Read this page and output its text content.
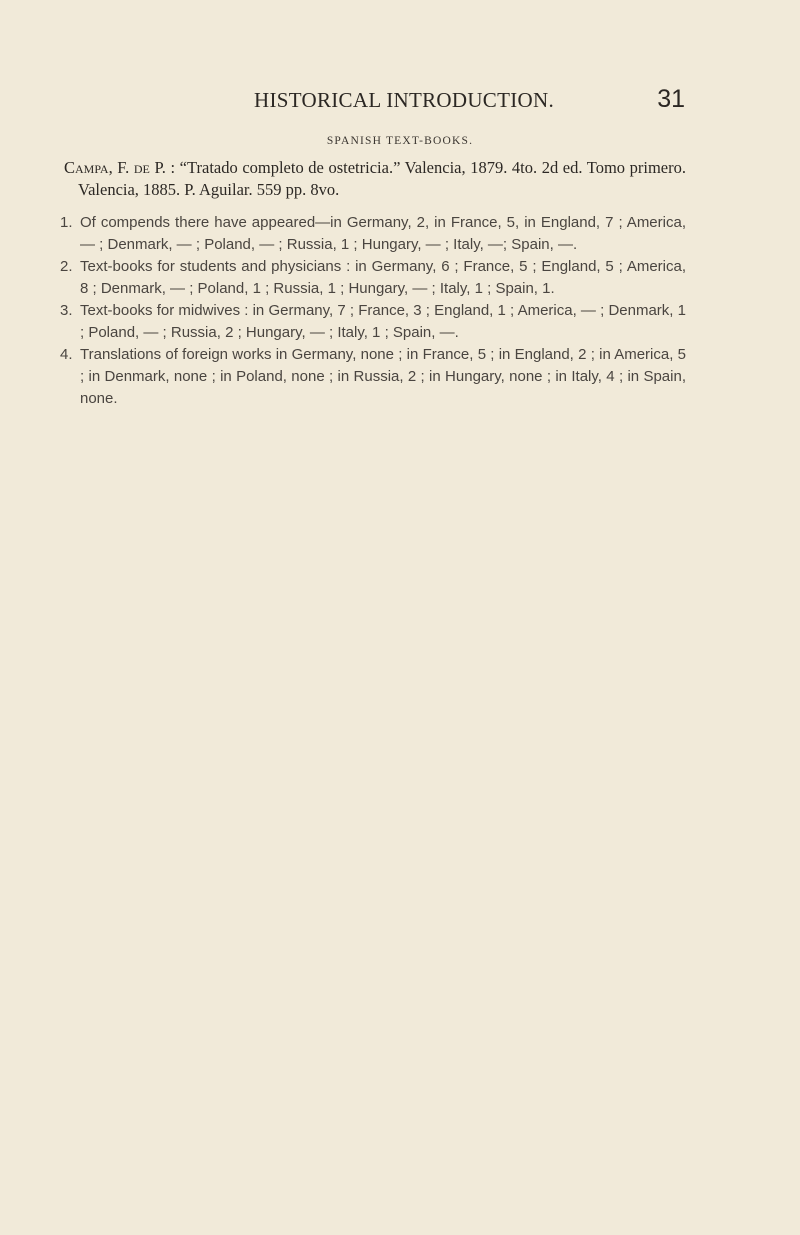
HISTORICAL INTRODUCTION.	31
SPANISH TEXT-BOOKS.
Campa, F. de P. : “Tratado completo de ostetricia.” Valencia, 1879. 4to. 2d ed. Tomo primero. Valencia, 1885. P. Aguilar. 559 pp. 8vo.
1. Of compends there have appeared—in Germany, 2, in France, 5, in England, 7 ; America, — ; Denmark, — ; Poland, — ; Russia, 1 ; Hungary, — ; Italy, —; Spain, —.
2. Text-books for students and physicians : in Germany, 6 ; France, 5 ; England, 5 ; America, 8 ; Denmark, — ; Poland, 1 ; Russia, 1 ; Hungary, — ; Italy, 1 ; Spain, 1.
3. Text-books for midwives : in Germany, 7 ; France, 3 ; England, 1 ; America, — ; Denmark, 1 ; Poland, — ; Russia, 2 ; Hungary, — ; Italy, 1 ; Spain, —.
4. Translations of foreign works in Germany, none ; in France, 5 ; in England, 2 ; in America, 5 ; in Denmark, none ; in Poland, none ; in Russia, 2 ; in Hungary, none ; in Italy, 4 ; in Spain, none.
